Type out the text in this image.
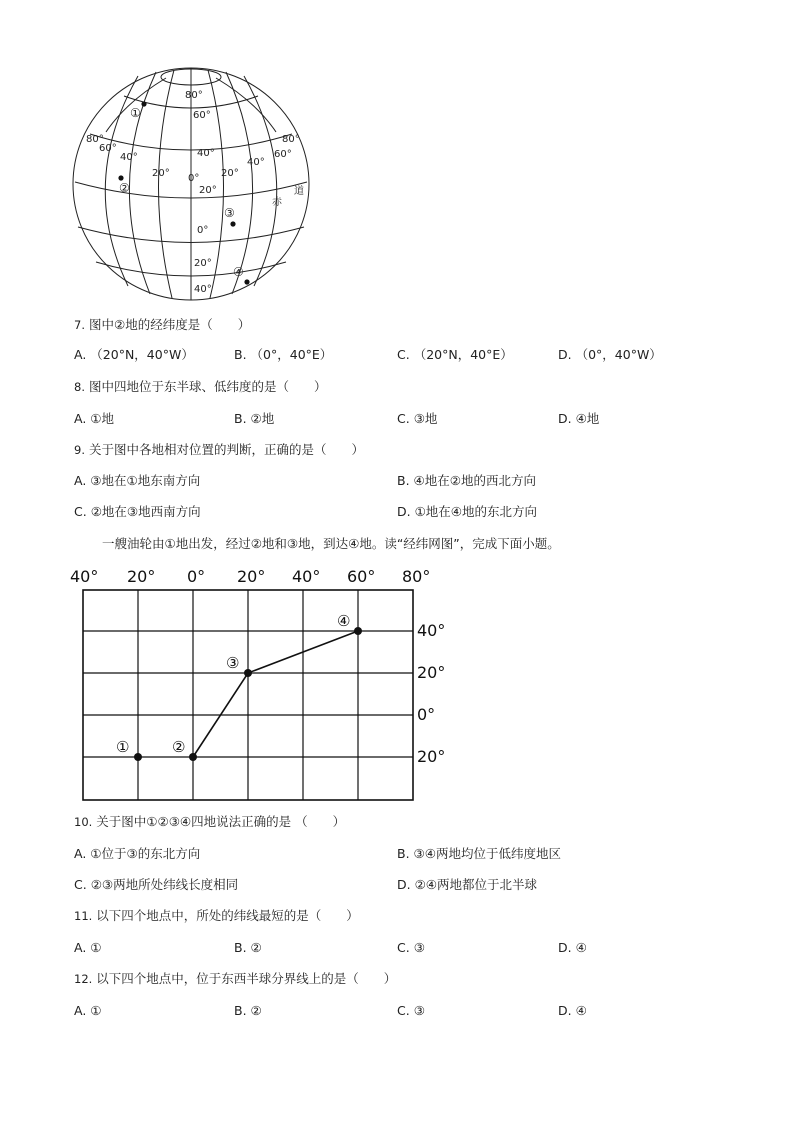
80°
60°
40°
20°
0°
20°
40°
80°
60°
40°
20° 0° 20°
40°
60°
80°
赤
道
①
②
③
④
7. 图中②地的经纬度是（　　）
A. （20°N，40°W）	B. （0°，40°E）	C. （20°N，40°E）	D. （0°，40°W）
8. 图中四地位于东半球、低纬度的是（　　）
A. ①地	B. ②地	C. ③地	D. ④地
9. 关于图中各地相对位置的判断，正确的是（　　）
A. ③地在①地东南方向	B. ④地在②地的西北方向
C. ②地在③地西南方向	D. ①地在④地的东北方向
一艘油轮由①地出发，经过②地和③地，到达④地。读“经纬网图”，完成下面小题。
40° 20° 0° 20° 40° 60° 80°
40°
20°
0°
20°
①	②
③
④
10. 关于图中①②③④四地说法正确的是 （　　）
A. ①位于③的东北方向	B. ③④两地均位于低纬度地区
C. ②③两地所处纬线长度相同	D. ②④两地都位于北半球
11. 以下四个地点中，所处的纬线最短的是（　　）
A. ①	B. ②	C. ③	D. ④
12. 以下四个地点中，位于东西半球分界线上的是（　　）
A. ①	B. ②	C. ③	D. ④
